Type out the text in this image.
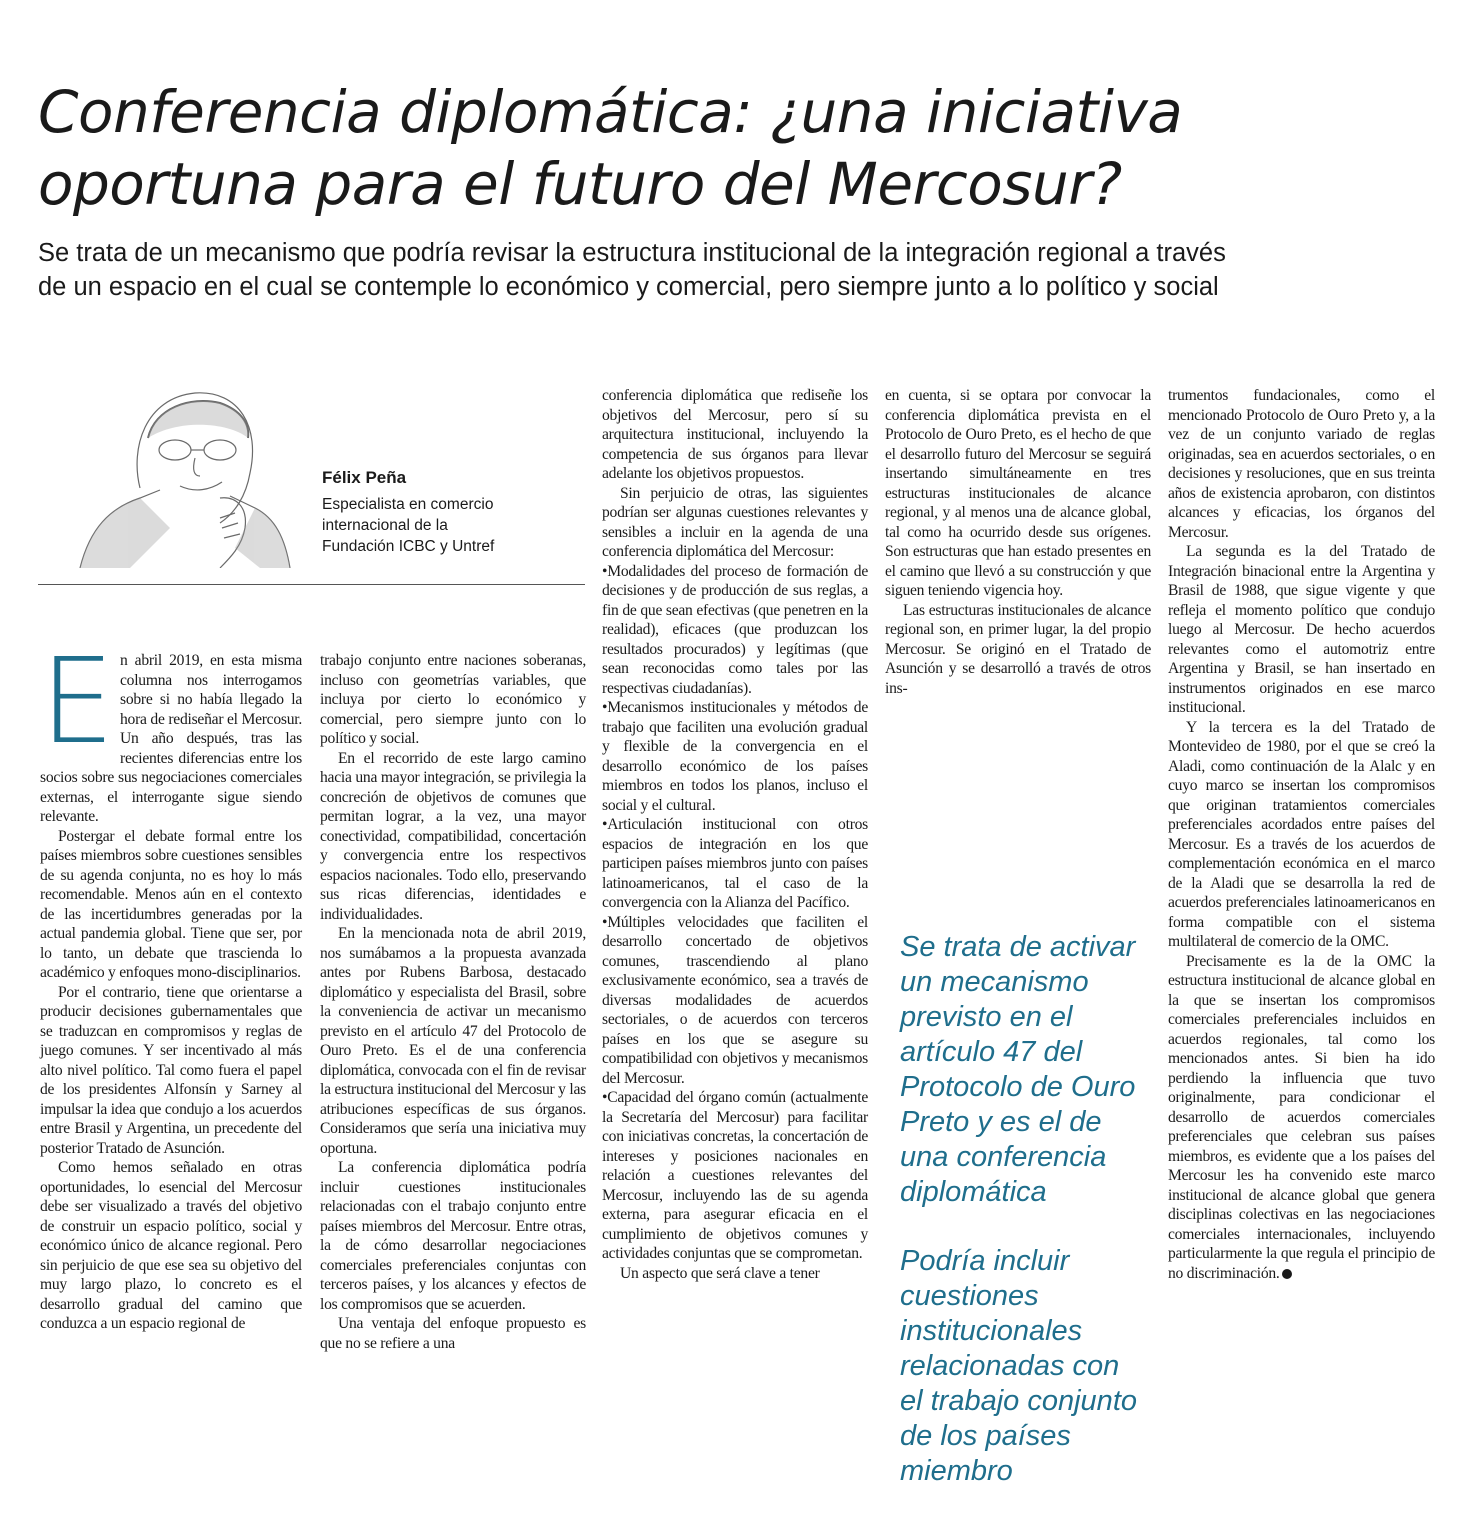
Conferencia diplomática: ¿una iniciativa
oportuna para el futuro del Mercosur?
Se trata de un mecanismo que podría revisar la estructura institucional de la integración regional a través
de un espacio en el cual se contemple lo económico y comercial, pero siempre junto a lo político y social
Félix Peña
Especialista en comercio
internacional de la
Fundación ICBC y Untref
E n abril 2019, en esta misma columna nos interrogamos sobre si no había llegado la hora de rediseñar el Mercosur. Un año después, tras las recientes diferencias entre los socios sobre sus negociaciones comerciales externas, el interrogante sigue siendo relevante.

Postergar el debate formal entre los países miembros sobre cuestiones sensibles de su agenda conjunta, no es hoy lo más recomendable. Menos aún en el contexto de las incertidumbres generadas por la actual pandemia global. Tiene que ser, por lo tanto, un debate que trascienda lo académico y enfoques mono-disciplinarios.

Por el contrario, tiene que orientarse a producir decisiones gubernamentales que se traduzcan en compromisos y reglas de juego comunes. Y ser incentivado al más alto nivel político. Tal como fuera el papel de los presidentes Alfonsín y Sarney al impulsar la idea que condujo a los acuerdos entre Brasil y Argentina, un precedente del posterior Tratado de Asunción.

Como hemos señalado en otras oportunidades, lo esencial del Mercosur debe ser visualizado a través del objetivo de construir un espacio político, social y económico único de alcance regional. Pero sin perjuicio de que ese sea su objetivo del muy largo plazo, lo concreto es el desarrollo gradual del camino que conduzca a un espacio regional de

trabajo conjunto entre naciones soberanas, incluso con geometrías variables, que incluya por cierto lo económico y comercial, pero siempre junto con lo político y social.

En el recorrido de este largo camino hacia una mayor integración, se privilegia la concreción de objetivos de comunes que permitan lograr, a la vez, una mayor conectividad, compatibilidad, concertación y convergencia entre los respectivos espacios nacionales. Todo ello, preservando sus ricas diferencias, identidades e individualidades.

En la mencionada nota de abril 2019, nos sumábamos a la propuesta avanzada antes por Rubens Barbosa, destacado diplomático y especialista del Brasil, sobre la conveniencia de activar un mecanismo previsto en el artículo 47 del Protocolo de Ouro Preto. Es el de una conferencia diplomática, convocada con el fin de revisar la estructura institucional del Mercosur y las atribuciones específicas de sus órganos. Consideramos que sería una iniciativa muy oportuna.

La conferencia diplomática podría incluir cuestiones institucionales relacionadas con el trabajo conjunto entre países miembros del Mercosur. Entre otras, la de cómo desarrollar negociaciones comerciales preferenciales conjuntas con terceros países, y los alcances y efectos de los compromisos que se acuerden.

Una ventaja del enfoque propuesto es que no se refiere a una

conferencia diplomática que rediseñe los objetivos del Mercosur, pero sí su arquitectura institucional, incluyendo la competencia de sus órganos para llevar adelante los objetivos propuestos.

Sin perjuicio de otras, las siguientes podrían ser algunas cuestiones relevantes y sensibles a incluir en la agenda de una conferencia diplomática del Mercosur:

•Modalidades del proceso de formación de decisiones y de producción de sus reglas, a fin de que sean efectivas (que penetren en la realidad), eficaces (que produzcan los resultados procurados) y legítimas (que sean reconocidas como tales por las respectivas ciudadanías).

•Mecanismos institucionales y métodos de trabajo que faciliten una evolución gradual y flexible de la convergencia en el desarrollo económico de los países miembros en todos los planos, incluso el social y el cultural.

•Articulación institucional con otros espacios de integración en los que participen países miembros junto con países latinoamericanos, tal el caso de la convergencia con la Alianza del Pacífico.

•Múltiples velocidades que faciliten el desarrollo concertado de objetivos comunes, trascendiendo al plano exclusivamente económico, sea a través de diversas modalidades de acuerdos sectoriales, o de acuerdos con terceros países en los que se asegure su compatibilidad con objetivos y mecanismos del Mercosur.

•Capacidad del órgano común (actualmente la Secretaría del Mercosur) para facilitar con iniciativas concretas, la concertación de intereses y posiciones nacionales en relación a cuestiones relevantes del Mercosur, incluyendo las de su agenda externa, para asegurar eficacia en el cumplimiento de objetivos comunes y actividades conjuntas que se comprometan.

Un aspecto que será clave a tener

en cuenta, si se optara por convocar la conferencia diplomática prevista en el Protocolo de Ouro Preto, es el hecho de que el desarrollo futuro del Mercosur se seguirá insertando simultáneamente en tres estructuras institucionales de alcance regional, y al menos una de alcance global, tal como ha ocurrido desde sus orígenes. Son estructuras que han estado presentes en el camino que llevó a su construcción y que siguen teniendo vigencia hoy.

Las estructuras institucionales de alcance regional son, en primer lugar, la del propio Mercosur. Se originó en el Tratado de Asunción y se desarrolló a través de otros ins-

Se trata de activar
un mecanismo
previsto en el
artículo 47 del
Protocolo de Ouro
Preto y es el de
una conferencia
diplomática
Podría incluir
cuestiones
institucionales
relacionadas con
el trabajo conjunto
de los países
miembro

trumentos fundacionales, como el mencionado Protocolo de Ouro Preto y, a la vez de un conjunto variado de reglas originadas, sea en acuerdos sectoriales, o en decisiones y resoluciones, que en sus treinta años de existencia aprobaron, con distintos alcances y eficacias, los órganos del Mercosur.

La segunda es la del Tratado de Integración binacional entre la Argentina y Brasil de 1988, que sigue vigente y que refleja el momento político que condujo luego al Mercosur. De hecho acuerdos relevantes como el automotriz entre Argentina y Brasil, se han insertado en instrumentos originados en ese marco institucional.

Y la tercera es la del Tratado de Montevideo de 1980, por el que se creó la Aladi, como continuación de la Alalc y en cuyo marco se insertan los compromisos que originan tratamientos comerciales preferenciales acordados entre países del Mercosur. Es a través de los acuerdos de complementación económica en el marco de la Aladi que se desarrolla la red de acuerdos preferenciales latinoamericanos en forma compatible con el sistema multilateral de comercio de la OMC.

Precisamente es la de la OMC la estructura institucional de alcance global en la que se insertan los compromisos comerciales preferenciales incluidos en acuerdos regionales, tal como los mencionados antes. Si bien ha ido perdiendo la influencia que tuvo originalmente, para condicionar el desarrollo de acuerdos comerciales preferenciales que celebran sus países miembros, es evidente que a los países del Mercosur les ha convenido este marco institucional de alcance global que genera disciplinas colectivas en las negociaciones comerciales internacionales, incluyendo particularmente la que regula el principio de no discriminación.
